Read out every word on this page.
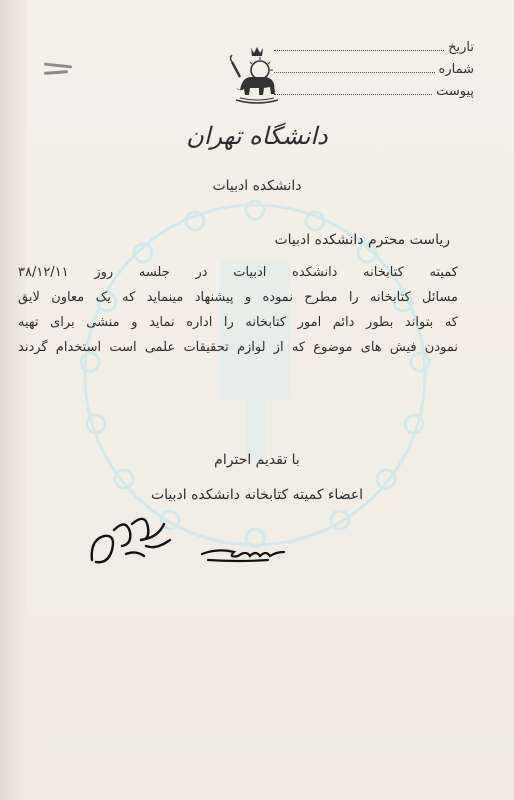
تاریخ
شماره
پیوست
دانشگاه تهران
دانشکده ادبیات
ریاست محترم دانشکده ادبیات
کمیته کتابخانه دانشکده ادبیات در جلسه روز ۳۸/۱۲/۱۱
مسائل کتابخانه را مطرح نموده و پیشنهاد مینماید که یک معاون لایق
که بتواند بطور دائم امور کتابخانه را اداره نماید و منشی برای تهیه
نمودن فیش های موضوع که از لوازم تحقیقات علمی است استخدام گردند
با تقدیم احترام
اعضاء کمیته کتابخانه دانشکده ادبیات
